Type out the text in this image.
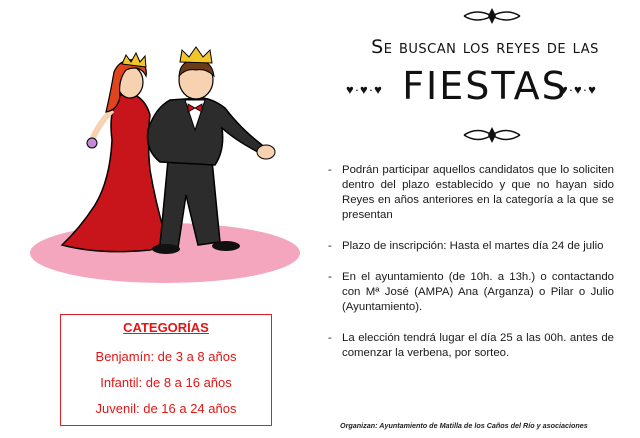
Se buscan los reyes de las
♥·♥·♥ FIESTAS
♥·♥·♥
- Podrán participar aquellos candidatos que lo soliciten dentro del plazo establecido y que no hayan sido Reyes en años anteriores en la categoría a la que se presentan
- Plazo de inscripción: Hasta el martes día 24 de julio
- En el ayuntamiento (de 10h. a 13h.) o contactando con Mª José (AMPA) Ana (Arganza) o Pilar o Julio (Ayuntamiento).
- La elección tendrá lugar el día 25 a las 00h. antes de comenzar la verbena, por sorteo.
CATEGORÍAS
Benjamín: de 3 a 8 años
Infantil: de 8 a 16 años
Juvenil: de 16 a 24 años
Organizan: Ayuntamiento de Matilla de los Caños del Río y asociaciones
